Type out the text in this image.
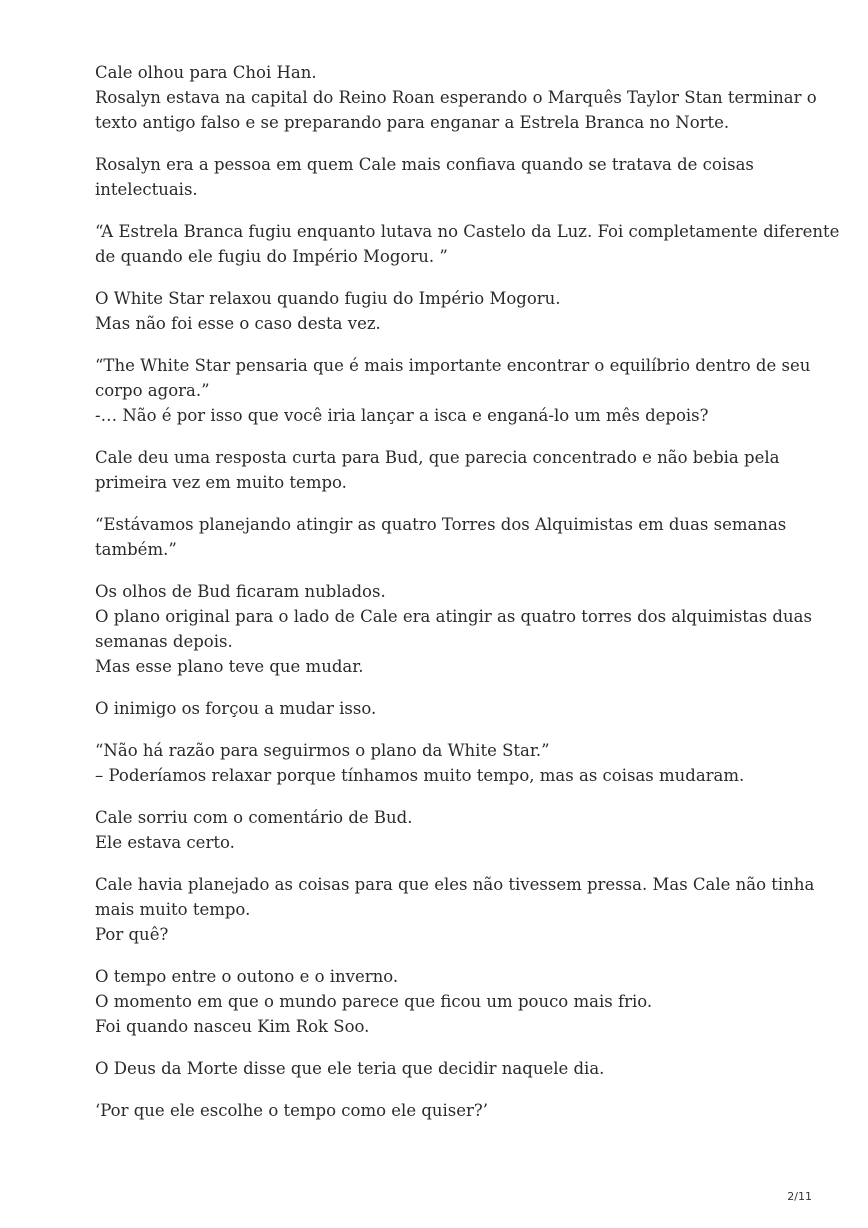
Cale olhou para Choi Han.
Rosalyn estava na capital do Reino Roan esperando o Marquês Taylor Stan terminar o
texto antigo falso e se preparando para enganar a Estrela Branca no Norte.

Rosalyn era a pessoa em quem Cale mais confiava quando se tratava de coisas
intelectuais.

“A Estrela Branca fugiu enquanto lutava no Castelo da Luz. Foi completamente diferente
de quando ele fugiu do Império Mogoru. ”

O White Star relaxou quando fugiu do Império Mogoru.
Mas não foi esse o caso desta vez.

“The White Star pensaria que é mais importante encontrar o equilíbrio dentro de seu
corpo agora.”
-… Não é por isso que você iria lançar a isca e enganá-lo um mês depois?

Cale deu uma resposta curta para Bud, que parecia concentrado e não bebia pela
primeira vez em muito tempo.

“Estávamos planejando atingir as quatro Torres dos Alquimistas em duas semanas
também.”

Os olhos de Bud ficaram nublados.
O plano original para o lado de Cale era atingir as quatro torres dos alquimistas duas
semanas depois.
Mas esse plano teve que mudar.

O inimigo os forçou a mudar isso.

“Não há razão para seguirmos o plano da White Star.”
– Poderíamos relaxar porque tínhamos muito tempo, mas as coisas mudaram.

Cale sorriu com o comentário de Bud.
Ele estava certo.

Cale havia planejado as coisas para que eles não tivessem pressa. Mas Cale não tinha
mais muito tempo.
Por quê?

O tempo entre o outono e o inverno.
O momento em que o mundo parece que ficou um pouco mais frio.
Foi quando nasceu Kim Rok Soo.

O Deus da Morte disse que ele teria que decidir naquele dia.

‘Por que ele escolhe o tempo como ele quiser?’

2/11
